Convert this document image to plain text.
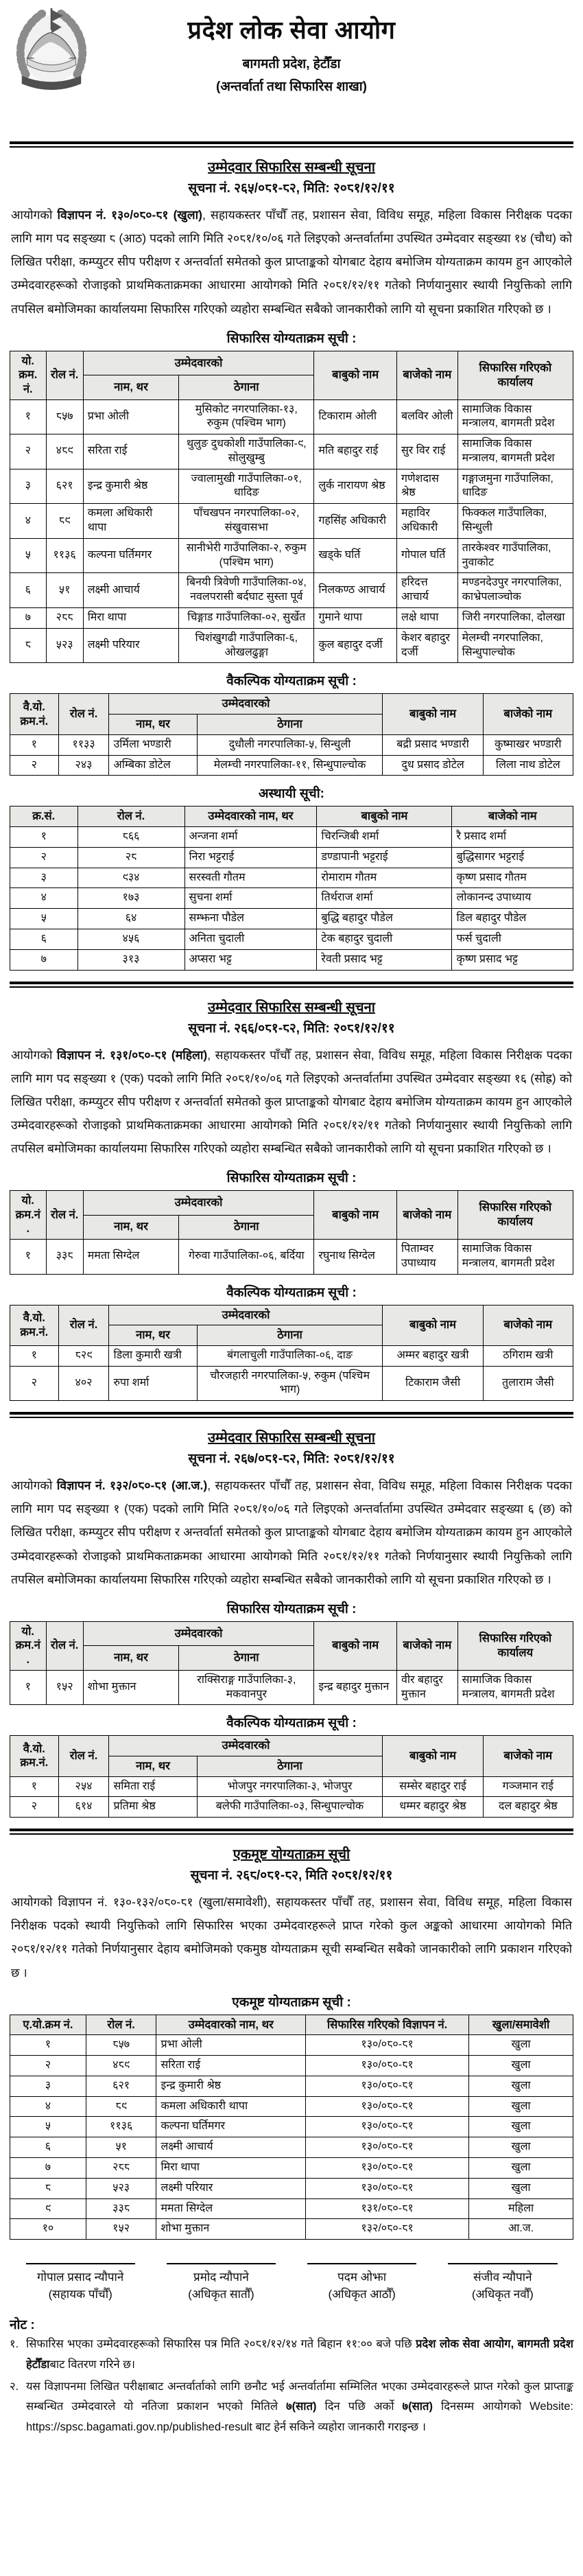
प्रदेश लोक सेवा आयोग
बागमती प्रदेश, हेटौँडा
(अन्तर्वार्ता तथा सिफारिस शाखा)
उम्मेदवार सिफारिस सम्बन्धी सूचना
सूचना नं. २६५/०८१-८२, मिति: २०८१/१२/११

आयोगको विज्ञापन नं. १३०/०८०-८१ (खुला), सहायकस्तर पाँचौँ तह, प्रशासन सेवा, विविध समूह, महिला विकास निरीक्षक पदका लागि माग पद सङ्ख्या ८ (आठ) पदको लागि मिति २०८१/१०/०६ गते लिइएको अन्तर्वार्तामा उपस्थित उम्मेदवार सङ्ख्या १४ (चौध) को लिखित परीक्षा, कम्प्युटर सीप परीक्षण र अन्तर्वार्ता समेतको कुल प्राप्ताङ्कको योगबाट देहाय बमोजिम योग्यताक्रम कायम हुन आएकोले उम्मेदवारहरूको रोजाइको प्राथमिकताक्रमका आधारमा आयोगको मिति २०८१/१२/११ गतेको निर्णयानुसार स्थायी नियुक्तिको लागि तपसिल बमोजिमका कार्यालयमा सिफारिस गरिएको व्यहोरा सम्बन्धित सबैको जानकारीको लागि यो सूचना प्रकाशित गरिएको छ ।

सिफारिस योग्यताक्रम सूची :
यो. क्रम. नं.	रोल नं.	उम्मेदवारको		बाबुको नाम	बाजेको नाम	सिफारिस गरिएको कार्यालय
		नाम, थर	ठेगाना			
१	८५७	प्रभा ओली	मुसिकोट नगरपालिका-१३, रुकुम (पश्चिम भाग)	टिकाराम ओली	बलविर ओली	सामाजिक विकास मन्त्रालय, बागमती प्रदेश
२	४८९	सरिता राई	थुलुङ दुधकोशी गाउँपालिका-९, सोलुखुम्बु	मति बहादुर राई	सुर विर राई	सामाजिक विकास मन्त्रालय, बागमती प्रदेश
३	६२१	इन्द्र कुमारी श्रेष्ठ	ज्वालामुखी गाउँपालिका-०१, धादिङ	लुर्क नारायण श्रेष्ठ	गणेशदास श्रेष्ठ	गङ्गाजमुना गाउँपालिका, धादिङ
४	८९	कमला अधिकारी थापा	पाँचखपन नगरपालिका-०२, संखुवासभा	गहसिंह अधिकारी	महाविर अधिकारी	फिक्कल गाउँपालिका, सिन्धुली
५	११३६	कल्पना घर्तिमगर	सानीभेरी गाउँपालिका-२, रुकुम (पश्चिम भाग)	खड्के घर्ति	गोपाल घर्ति	तारकेश्वर गाउँपालिका, नुवाकोट
६	५१	लक्ष्मी आचार्य	बिनयी त्रिवेणी गाउँपालिका-०४, नवलपरासी बर्दघाट सुस्ता पूर्व	निलकण्ठ आचार्य	हरिदत्त आचार्य	मण्डनदेउपुर नगरपालिका, काभ्रेपलाञ्चोक
७	२८८	मिरा थापा	चिङ्गाड गाउँपालिका-०२, सुर्खेत	गुमाने थापा	लक्षे थापा	जिरी नगरपालिका, दोलखा
८	५२३	लक्ष्मी परियार	चिशंखुगढी गाउँपालिका-६, ओखलढुङ्गा	कुल बहादुर दर्जी	केशर बहादुर दर्जी	मेलम्ची नगरपालिका, सिन्धुपाल्चोक
वैकल्पिक योग्यताक्रम सूची :
वै.यो. क्रम.नं.	रोल नं.	उम्मेदवारको		बाबुको नाम	बाजेको नाम
		नाम, थर	ठेगाना		
१	११३३	उर्मिला भण्डारी	दुधौली नगरपालिका-५, सिन्धुली	बद्री प्रसाद भण्डारी	कुष्माखर भण्डारी
२	२४३	अम्बिका डोटेल	मेलम्ची नगरपालिका-११, सिन्धुपाल्चोक	दुध प्रसाद डोटेल	लिला नाथ डोटेल
अस्थायी सूची:
क्र.सं.	रोल नं.	उम्मेदवारको नाम, थर	बाबुको नाम	बाजेको नाम
१	८६६	अन्जना शर्मा	चिरन्जिबी शर्मा	रै प्रसाद शर्मा
२	२८	निरा भट्टराई	डण्डापानी भट्टराई	बुद्धिसागर भट्टराई
३	९३४	सरस्वती गौतम	रोमाराम गौतम	कृष्ण प्रसाद गौतम
४	१७३	सुचना शर्मा	तिर्थराज शर्मा	लोकानन्द उपाध्याय
५	६४	सम्झना पौडेल	बुद्धि बहादुर पौडेल	डिल बहादुर पौडेल
६	४५६	अनिता चुदाली	टेक बहादुर चुदाली	फर्स चुदाली
७	३१३	अप्सरा भट्ट	रेवती प्रसाद भट्ट	कृष्ण प्रसाद भट्ट
उम्मेदवार सिफारिस सम्बन्धी सूचना
सूचना नं. २६६/०८१-८२, मिति: २०८१/१२/११

आयोगको विज्ञापन नं. १३१/०८०-८१ (महिला), सहायकस्तर पाँचौँ तह, प्रशासन सेवा, विविध समूह, महिला विकास निरीक्षक पदका लागि माग पद सङ्ख्या १ (एक) पदको लागि मिति २०८१/१०/०६ गते लिइएको अन्तर्वार्तामा उपस्थित उम्मेदवार सङ्ख्या १६ (सोह्र) को लिखित परीक्षा, कम्प्युटर सीप परीक्षण र अन्तर्वार्ता समेतको कुल प्राप्ताङ्कको योगबाट देहाय बमोजिम योग्यताक्रम कायम हुन आएकोले उम्मेदवारहरूको रोजाइको प्राथमिकताक्रमका आधारमा आयोगको मिति २०८१/१२/११ गतेको निर्णयानुसार स्थायी नियुक्तिको लागि तपसिल बमोजिमका कार्यालयमा सिफारिस गरिएको व्यहोरा सम्बन्धित सबैको जानकारीको लागि यो सूचना प्रकाशित गरिएको छ ।

सिफारिस योग्यताक्रम सूची :
यो. क्रम.नं.	रोल नं.	उम्मेदवारको		बाबुको नाम	बाजेको नाम	सिफारिस गरिएको कार्यालय
		नाम, थर	ठेगाना			
१	३३८	ममता सिग्देल	गेरुवा गाउँपालिका-०६, बर्दिया	रघुनाथ सिग्देल	पिताम्वर उपाध्याय	सामाजिक विकास मन्त्रालय, बागमती प्रदेश
वैकल्पिक योग्यताक्रम सूची :
वै.यो. क्रम.नं.	रोल नं.	उम्मेदवारको		बाबुको नाम	बाजेको नाम
		नाम, थर	ठेगाना		
१	८२९	डिला कुमारी खत्री	बंगलाचुली गाउँपालिका-०६, दाङ	अम्मर बहादुर खत्री	ठगिराम खत्री
२	४०२	रुपा शर्मा	चौरजहारी नगरपालिका-५, रुकुम (पश्चिम भाग)	टिकाराम जैसी	तुलाराम जैसी
उम्मेदवार सिफारिस सम्बन्धी सूचना
सूचना नं. २६७/०८१-८२, मिति: २०८१/१२/११

आयोगको विज्ञापन नं. १३२/०८०-८१ (आ.ज.), सहायकस्तर पाँचौँ तह, प्रशासन सेवा, विविध समूह, महिला विकास निरीक्षक पदका लागि माग पद सङ्ख्या १ (एक) पदको लागि मिति २०८१/१०/०६ गते लिइएको अन्तर्वार्तामा उपस्थित उम्मेदवार सङ्ख्या ६ (छ) को लिखित परीक्षा, कम्प्युटर सीप परीक्षण र अन्तर्वार्ता समेतको कुल प्राप्ताङ्कको योगबाट देहाय बमोजिम योग्यताक्रम कायम हुन आएकोले उम्मेदवारहरूको रोजाइको प्राथमिकताक्रमका आधारमा आयोगको मिति २०८१/१२/११ गतेको निर्णयानुसार स्थायी नियुक्तिको लागि तपसिल बमोजिमका कार्यालयमा सिफारिस गरिएको व्यहोरा सम्बन्धित सबैको जानकारीको लागि यो सूचना प्रकाशित गरिएको छ ।

सिफारिस योग्यताक्रम सूची :
यो. क्रम.नं.	रोल नं.	उम्मेदवारको		बाबुको नाम	बाजेको नाम	सिफारिस गरिएको कार्यालय
		नाम, थर	ठेगाना			
१	१५२	शोभा मुक्तान	राक्सिराङ्ग गाउँपालिका-३, मकवानपुर	इन्द्र बहादुर मुक्तान	वीर बहादुर मुक्तान	सामाजिक विकास मन्त्रालय, बागमती प्रदेश
वैकल्पिक योग्यताक्रम सूची :
वै.यो. क्रम.नं.	रोल नं.	उम्मेदवारको		बाबुको नाम	बाजेको नाम
		नाम, थर	ठेगाना		
१	२५४	समिता राई	भोजपुर नगरपालिका-३, भोजपुर	सम्सेर बहादुर राई	गञ्जमान राई
२	६१४	प्रतिमा श्रेष्ठ	बलेफी गाउँपालिका-०३, सिन्धुपाल्चोक	धम्मर बहादुर श्रेष्ठ	दल बहादुर श्रेष्ठ
एकमूष्ट योग्यताक्रम सूची
सूचना नं. २६८/०८१-८२, मिति २०८१/१२/११

आयोगको विज्ञापन नं. १३०-१३२/०८०-८१ (खुला/समावेशी), सहायकस्तर पाँचौँ तह, प्रशासन सेवा, विविध समूह, महिला विकास निरीक्षक पदको स्थायी नियुक्तिको लागि सिफारिस भएका उम्मेदवारहरूले प्राप्त गरेको कुल अङ्कको आधारमा आयोगको मिति २०८१/१२/११ गतेको निर्णयानुसार देहाय बमोजिमको एकमुष्ठ योग्यताक्रम सूची सम्बन्धित सबैको जानकारीको लागि प्रकाशन गरिएको छ ।

एकमूष्ट योग्यताक्रम सूची :
ए.यो.क्रम नं.	रोल नं.	उम्मेदवारको नाम, थर	सिफारिस गरिएको विज्ञापन नं.	खुला/समावेशी
१	८५७	प्रभा ओली	१३०/०८०-८१	खुला
२	४८९	सरिता राई	१३०/०८०-८१	खुला
३	६२१	इन्द्र कुमारी श्रेष्ठ	१३०/०८०-८१	खुला
४	८९	कमला अधिकारी थापा	१३०/०८०-८१	खुला
५	११३६	कल्पना घर्तिमगर	१३०/०८०-८१	खुला
६	५१	लक्ष्मी आचार्य	१३०/०८०-८१	खुला
७	२८८	मिरा थापा	१३०/०८०-८१	खुला
८	५२३	लक्ष्मी परियार	१३०/०८०-८१	खुला
९	३३८	ममता सिग्देल	१३१/०८०-८१	महिला
१०	१५२	शोभा मुक्तान	१३२/०८०-८१	आ.ज.
गोपाल प्रसाद न्यौपाने
(सहायक पाँचौँ)
प्रमोद न्यौपाने
(अधिकृत सातौँ)
पदम ओझा
(अधिकृत आठौँ)
संजीव न्यौपाने
(अधिकृत नवौँ)
नोट :
१. सिफारिस भएका उम्मेदवारहरूको सिफारिस पत्र मिति २०८१/१२/१४ गते बिहान ११:०० बजे पछि प्रदेश लोक सेवा आयोग, बागमती प्रदेश हेटौँडाबाट वितरण गरिने छ।
२. यस विज्ञापनमा लिखित परीक्षाबाट अन्तर्वार्ताको लागि छनौट भई अन्तर्वार्तामा सम्मिलित भएका उम्मेदवारहरूले प्राप्त गरेको कुल प्राप्ताङ्क सम्बन्धित उम्मेदवारले यो नतिजा प्रकाशन भएको मितिले ७(सात) दिन पछि अर्को ७(सात) दिनसम्म आयोगको Website: https://spsc.bagamati.gov.np/published-result बाट हेर्न सकिने व्यहोरा जानकारी गराइन्छ ।
